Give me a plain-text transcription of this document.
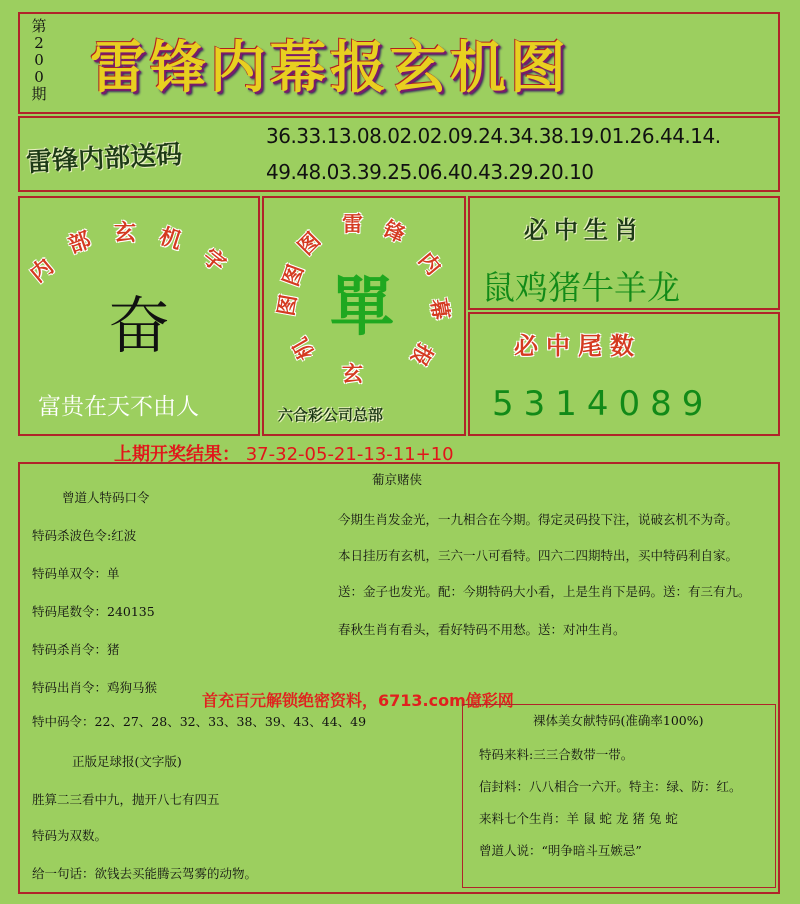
第
2
0
0
期 雷锋内幕报玄机图
雷锋内部送码
36.33.13.08.02.02.09.24.34.38.19.01.26.44.14.
49.48.03.39.25.06.40.43.29.20.10
内
部 玄 机
字
奋
富贵在天不由人
雷 锋
内
幕
报
玄
机
图
图
图
單
六合彩公司总部
必中生肖
鼠鸡猪牛羊龙
必中尾数
5314089
上期开奖结果： 37-32-05-21-13-11+10
曾道人特码口令
特码杀波色令:红波
特码单双令：单
特码尾数令：240135
特码杀肖令：猪
特码出肖令：鸡狗马猴
特中码令：22、27、28、32、33、38、39、43、44、49
正版足球报(文字版)
胜算二三看中九，抛开八七有四五
特码为双数。
给一句话：欲钱去买能腾云驾雾的动物。
葡京赌侠
今期生肖发金光，一九相合在今期。得定灵码投下注，说破玄机不为奇。
本日挂历有玄机，三六一八可看特。四六二四期特出，买中特码利自家。
送：金子也发光。配：今期特码大小看，上是生肖下是码。送：有三有九。
春秋生肖有看头，看好特码不用愁。送：对冲生肖。
首充百元解锁绝密资料，6713.com億彩网
裸体美女献特码(准确率100%)
特码来料:三三合数带一带。
信封料：八八相合一六开。特主：绿、防：红。
来料七个生肖：羊 鼠 蛇 龙 猪 兔 蛇
曾道人说：“明争暗斗互嫉忌”
